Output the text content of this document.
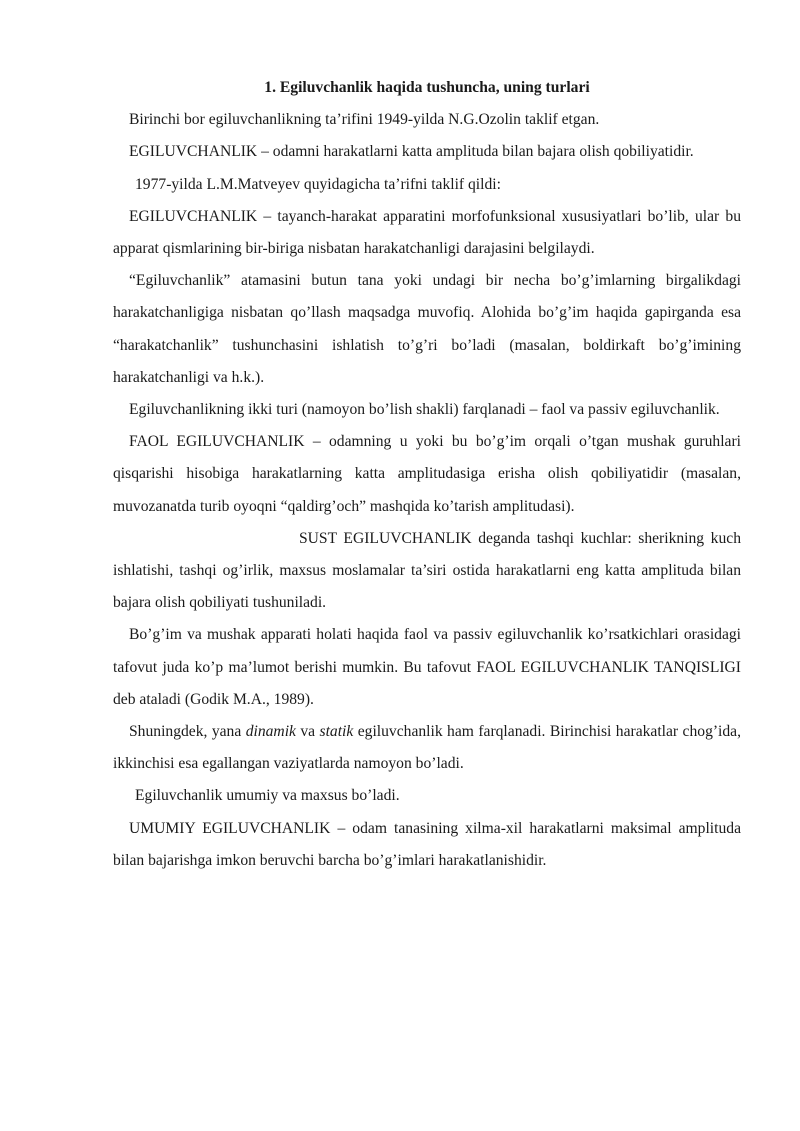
1. Egiluvchanlik haqida tushuncha, uning turlari

Birinchi bor egiluvchanlikning ta’rifini 1949-yilda N.G.Ozolin taklif etgan.

EGILUVCHANLIK – odamni harakatlarni katta amplituda bilan bajara olish qobiliyatidir.

1977-yilda L.M.Matveyev quyidagicha ta’rifni taklif qildi:

EGILUVCHANLIK – tayanch-harakat apparatini morfofunksional xususiyatlari bo’lib, ular bu apparat qismlarining bir-biriga nisbatan harakatchanligi darajasini belgilaydi.

“Egiluvchanlik” atamasini butun tana yoki undagi bir necha bo’g’imlarning birgalikdagi harakatchanligiga nisbatan qo’llash maqsadga muvofiq. Alohida bo’g’im haqida gapirganda esa “harakatchanlik” tushunchasini ishlatish to’g’ri bo’ladi (masalan, boldirkaft bo’g’imining harakatchanligi va h.k.).

Egiluvchanlikning ikki turi (namoyon bo’lish shakli) farqlanadi – faol va passiv egiluvchanlik.

FAOL EGILUVCHANLIK – odamning u yoki bu bo’g’im orqali o’tgan mushak guruhlari qisqarishi hisobiga harakatlarning katta amplitudasiga erisha olish qobiliyatidir (masalan, muvozanatda turib oyoqni “qaldirg’och” mashqida ko’tarish amplitudasi).

SUST EGILUVCHANLIK deganda tashqi kuchlar: sherikning kuch ishlatishi, tashqi og’irlik, maxsus moslamalar ta’siri ostida harakatlarni eng katta amplituda bilan bajara olish qobiliyati tushuniladi.

Bo’g’im va mushak apparati holati haqida faol va passiv egiluvchanlik ko’rsatkichlari orasidagi tafovut juda ko’p ma’lumot berishi mumkin. Bu tafovut FAOL EGILUVCHANLIK TANQISLIGI deb ataladi (Godik M.A., 1989).

Shuningdek, yana dinamik va statik egiluvchanlik ham farqlanadi. Birinchisi harakatlar chog’ida, ikkinchisi esa egallangan vaziyatlarda namoyon bo’ladi.

Egiluvchanlik umumiy va maxsus bo’ladi.

UMUMIY EGILUVCHANLIK – odam tanasining xilma-xil harakatlarni maksimal amplituda bilan bajarishga imkon beruvchi barcha bo’g’imlari harakatlanishidir.
